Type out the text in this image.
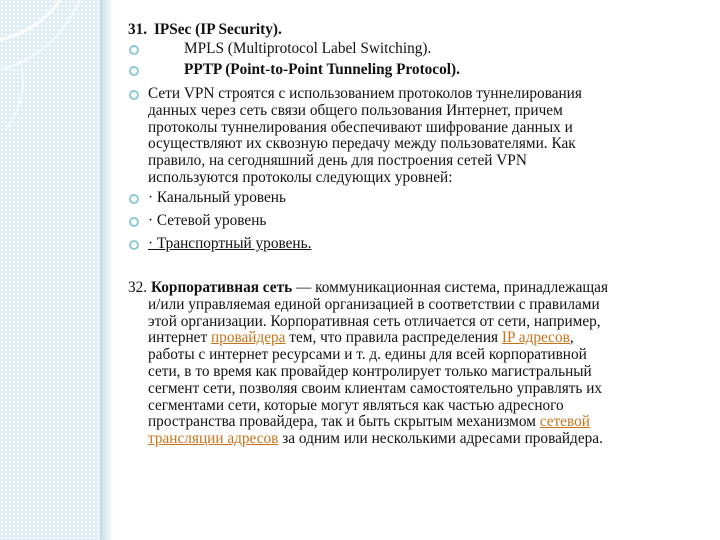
31. IPSec (IP Security).
MPLS (Multiprotocol Label Switching).
PPTP (Point-to-Point Tunneling Protocol).
Сети VPN строятся с использованием протоколов туннелирования
данных через сеть связи общего пользования Интернет, причем
протоколы туннелирования обеспечивают шифрование данных и
осуществляют их сквозную передачу между пользователями. Как
правило, на сегодняшний день для построения сетей VPN
используются протоколы следующих уровней:
· Канальный уровень
· Сетевой уровень
· Транспортный уровень.
32. Корпоративная сеть — коммуникационная система, принадлежащая
и/или управляемая единой организацией в соответствии с правилами
этой организации. Корпоративная сеть отличается от сети, например,
интернет провайдера тем, что правила распределения IP адресов,
работы с интернет ресурсами и т. д. едины для всей корпоративной
сети, в то время как провайдер контролирует только магистральный
сегмент сети, позволяя своим клиентам самостоятельно управлять их
сегментами сети, которые могут являться как частью адресного
пространства провайдера, так и быть скрытым механизмом сетевой
трансляции адресов за одним или несколькими адресами провайдера.
